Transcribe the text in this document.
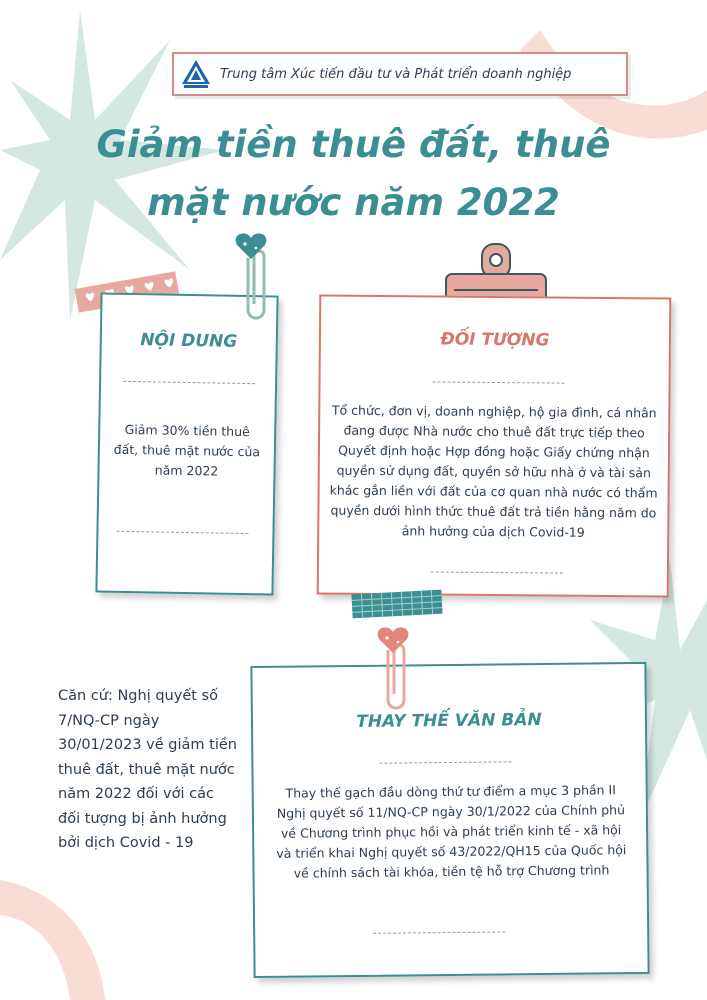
Trung tâm Xúc tiến đầu tư và Phát triển doanh nghiệp
Giảm tiền thuê đất, thuê
mặt nước năm 2022
NỘI DUNG
Giảm 30% tiền thuê đất, thuê mặt nước của năm 2022
ĐỐI TƯỢNG
Tổ chức, đơn vị, doanh nghiệp, hộ gia đình, cá nhân đang được Nhà nước cho thuê đất trực tiếp theo Quyết định hoặc Hợp đồng hoặc Giấy chứng nhận quyền sử dụng đất, quyền sở hữu nhà ở và tài sản khác gắn liền với đất của cơ quan nhà nước có thẩm quyền dưới hình thức thuê đất trả tiền hằng năm do ảnh hưởng của dịch Covid-19
THAY THẾ VĂN BẢN
Thay thế gạch đầu dòng thứ tư điểm a mục 3 phần II Nghị quyết số 11/NQ-CP ngày 30/1/2022 của Chính phủ về Chương trình phục hồi và phát triển kinh tế - xã hội và triển khai Nghị quyết số 43/2022/QH15 của Quốc hội về chính sách tài khóa, tiền tệ hỗ trợ Chương trình
Căn cứ: Nghị quyết số 7/NQ-CP ngày 30/01/2023 về giảm tiền thuê đất, thuê mặt nước năm 2022 đối với các đối tượng bị ảnh hưởng bởi dịch Covid - 19
